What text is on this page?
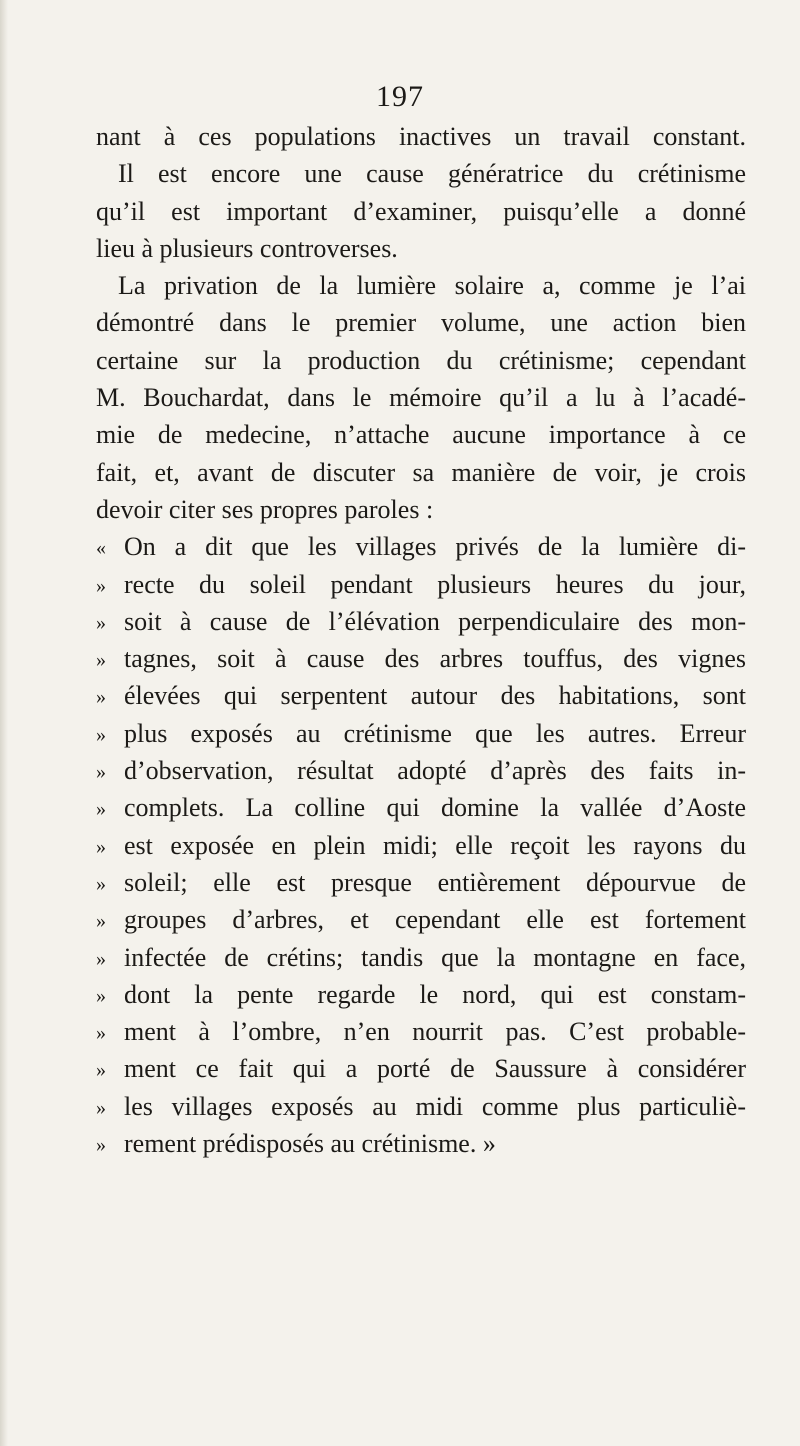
197
nant à ces populations inactives un travail constant.
Il est encore une cause génératrice du crétinisme
qu’il est important d’examiner, puisqu’elle a donné
lieu à plusieurs controverses.
La privation de la lumière solaire a, comme je l’ai
démontré dans le premier volume, une action bien
certaine sur la production du crétinisme; cependant
M. Bouchardat, dans le mémoire qu’il a lu à l’acadé-
mie de medecine, n’attache aucune importance à ce
fait, et, avant de discuter sa manière de voir, je crois
devoir citer ses propres paroles :
« On a dit que les villages privés de la lumière di-
» recte du soleil pendant plusieurs heures du jour,
» soit à cause de l’élévation perpendiculaire des mon-
» tagnes, soit à cause des arbres touffus, des vignes
» élevées qui serpentent autour des habitations, sont
» plus exposés au crétinisme que les autres. Erreur
» d’observation, résultat adopté d’après des faits in-
» complets. La colline qui domine la vallée d’Aoste
» est exposée en plein midi; elle reçoit les rayons du
» soleil; elle est presque entièrement dépourvue de
» groupes d’arbres, et cependant elle est fortement
» infectée de crétins; tandis que la montagne en face,
» dont la pente regarde le nord, qui est constam-
» ment à l’ombre, n’en nourrit pas. C’est probable-
» ment ce fait qui a porté de Saussure à considérer
» les villages exposés au midi comme plus particuliè-
» rement prédisposés au crétinisme. »
